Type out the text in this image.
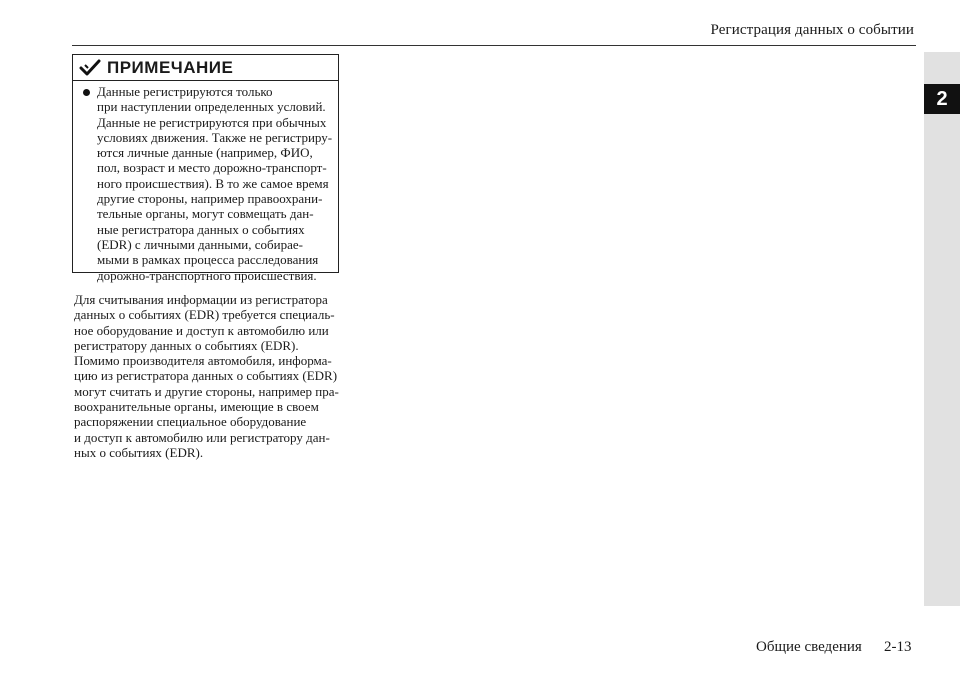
Регистрация данных о событии
2
ПРИМЕЧАНИЕ
Данные регистрируются только
при наступлении определенных условий.
Данные не регистрируются при обычных
условиях движения. Также не регистриру-
ются личные данные (например, ФИО,
пол, возраст и место дорожно-транспорт-
ного происшествия). В то же самое время
другие стороны, например правоохрани-
тельные органы, могут совмещать дан-
ные регистратора данных о событиях
(EDR) с личными данными, собирае-
мыми в рамках процесса расследования
дорожно-транспортного происшествия.
Для считывания информации из регистратора
данных о событиях (EDR) требуется специаль-
ное оборудование и доступ к автомобилю или
регистратору данных о событиях (EDR).
Помимо производителя автомобиля, информа-
цию из регистратора данных о событиях (EDR)
могут считать и другие стороны, например пра-
воохранительные органы, имеющие в своем
распоряжении специальное оборудование
и доступ к автомобилю или регистратору дан-
ных о событиях (EDR).
Общие сведения 2-13
